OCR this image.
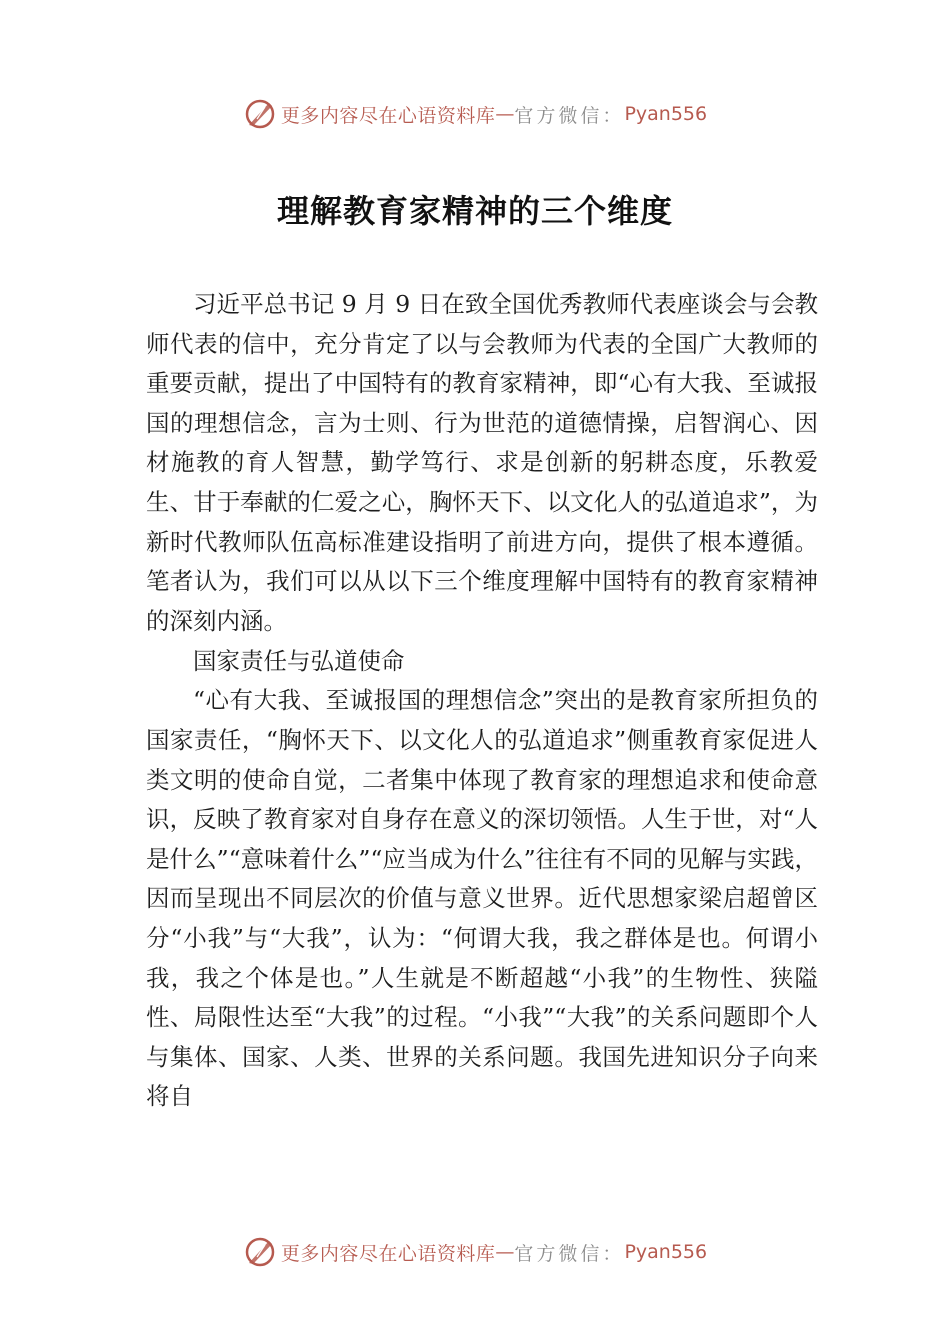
更多内容尽在心语资料库 — 官方微信： Pyan556
理解教育家精神的三个维度

习近平总书记 9 月 9 日在致全国优秀教师代表座谈会与会教师代表的信中，充分肯定了以与会教师为代表的全国广大教师的重要贡献，提出了中国特有的教育家精神，即“心有大我、至诚报国的理想信念，言为士则、行为世范的道德情操，启智润心、因材施教的育人智慧，勤学笃行、求是创新的躬耕态度，乐教爱生、甘于奉献的仁爱之心，胸怀天下、以文化人的弘道追求”，为新时代教师队伍高标准建设指明了前进方向，提供了根本遵循。笔者认为，我们可以从以下三个维度理解中国特有的教育家精神的深刻内涵。

国家责任与弘道使命

“心有大我、至诚报国的理想信念”突出的是教育家所担负的国家责任，“胸怀天下、以文化人的弘道追求”侧重教育家促进人类文明的使命自觉，二者集中体现了教育家的理想追求和使命意识，反映了教育家对自身存在意义的深切领悟。人生于世，对“人是什么”“意味着什么”“应当成为什么”往往有不同的见解与实践，因而呈现出不同层次的价值与意义世界。近代思想家梁启超曾区分“小我”与“大我”，认为：“何谓大我，我之群体是也。何谓小我，我之个体是也。”人生就是不断超越“小我”的生物性、狭隘性、局限性达至“大我”的过程。“小我”“大我”的关系问题即个人与集体、国家、人类、世界的关系问题。我国先进知识分子向来将自

更多内容尽在心语资料库 — 官方微信： Pyan556
